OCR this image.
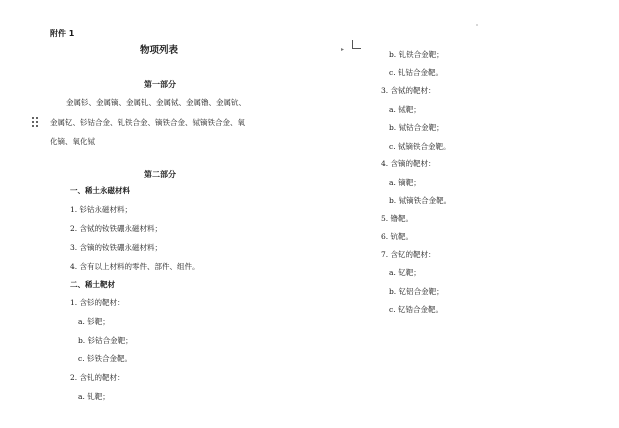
附件 1
物项列表	▸
第一部分
金属钐、金属镝、金属钆、金属铽、金属镥、金属钪、
金属钇、钐钴合金、钆铁合金、镝铁合金、铽镝铁合金、氧
化镝、氧化铽
第二部分
一、稀土永磁材料
1. 钐钴永磁材料；
2. 含铽的钕铁硼永磁材料；
3. 含镝的钕铁硼永磁材料；
4. 含有以上材料的零件、部件、组件。
二、稀土靶材
1. 含钐的靶材：
a. 钐靶；
b. 钐钴合金靶；
c. 钐铁合金靶。
2. 含钆的靶材：
a. 钆靶；
b. 钆铁合金靶；
c. 钆钴合金靶。
3. 含铽的靶材：
a. 铽靶；
b. 铽钴合金靶；
c. 铽镝铁合金靶。
4. 含镝的靶材：
a. 镝靶；
b. 铽镝铁合金靶。
5. 镥靶。
6. 钪靶。
7. 含钇的靶材：
a. 钇靶；
b. 钇铝合金靶；
c. 钇锆合金靶。
